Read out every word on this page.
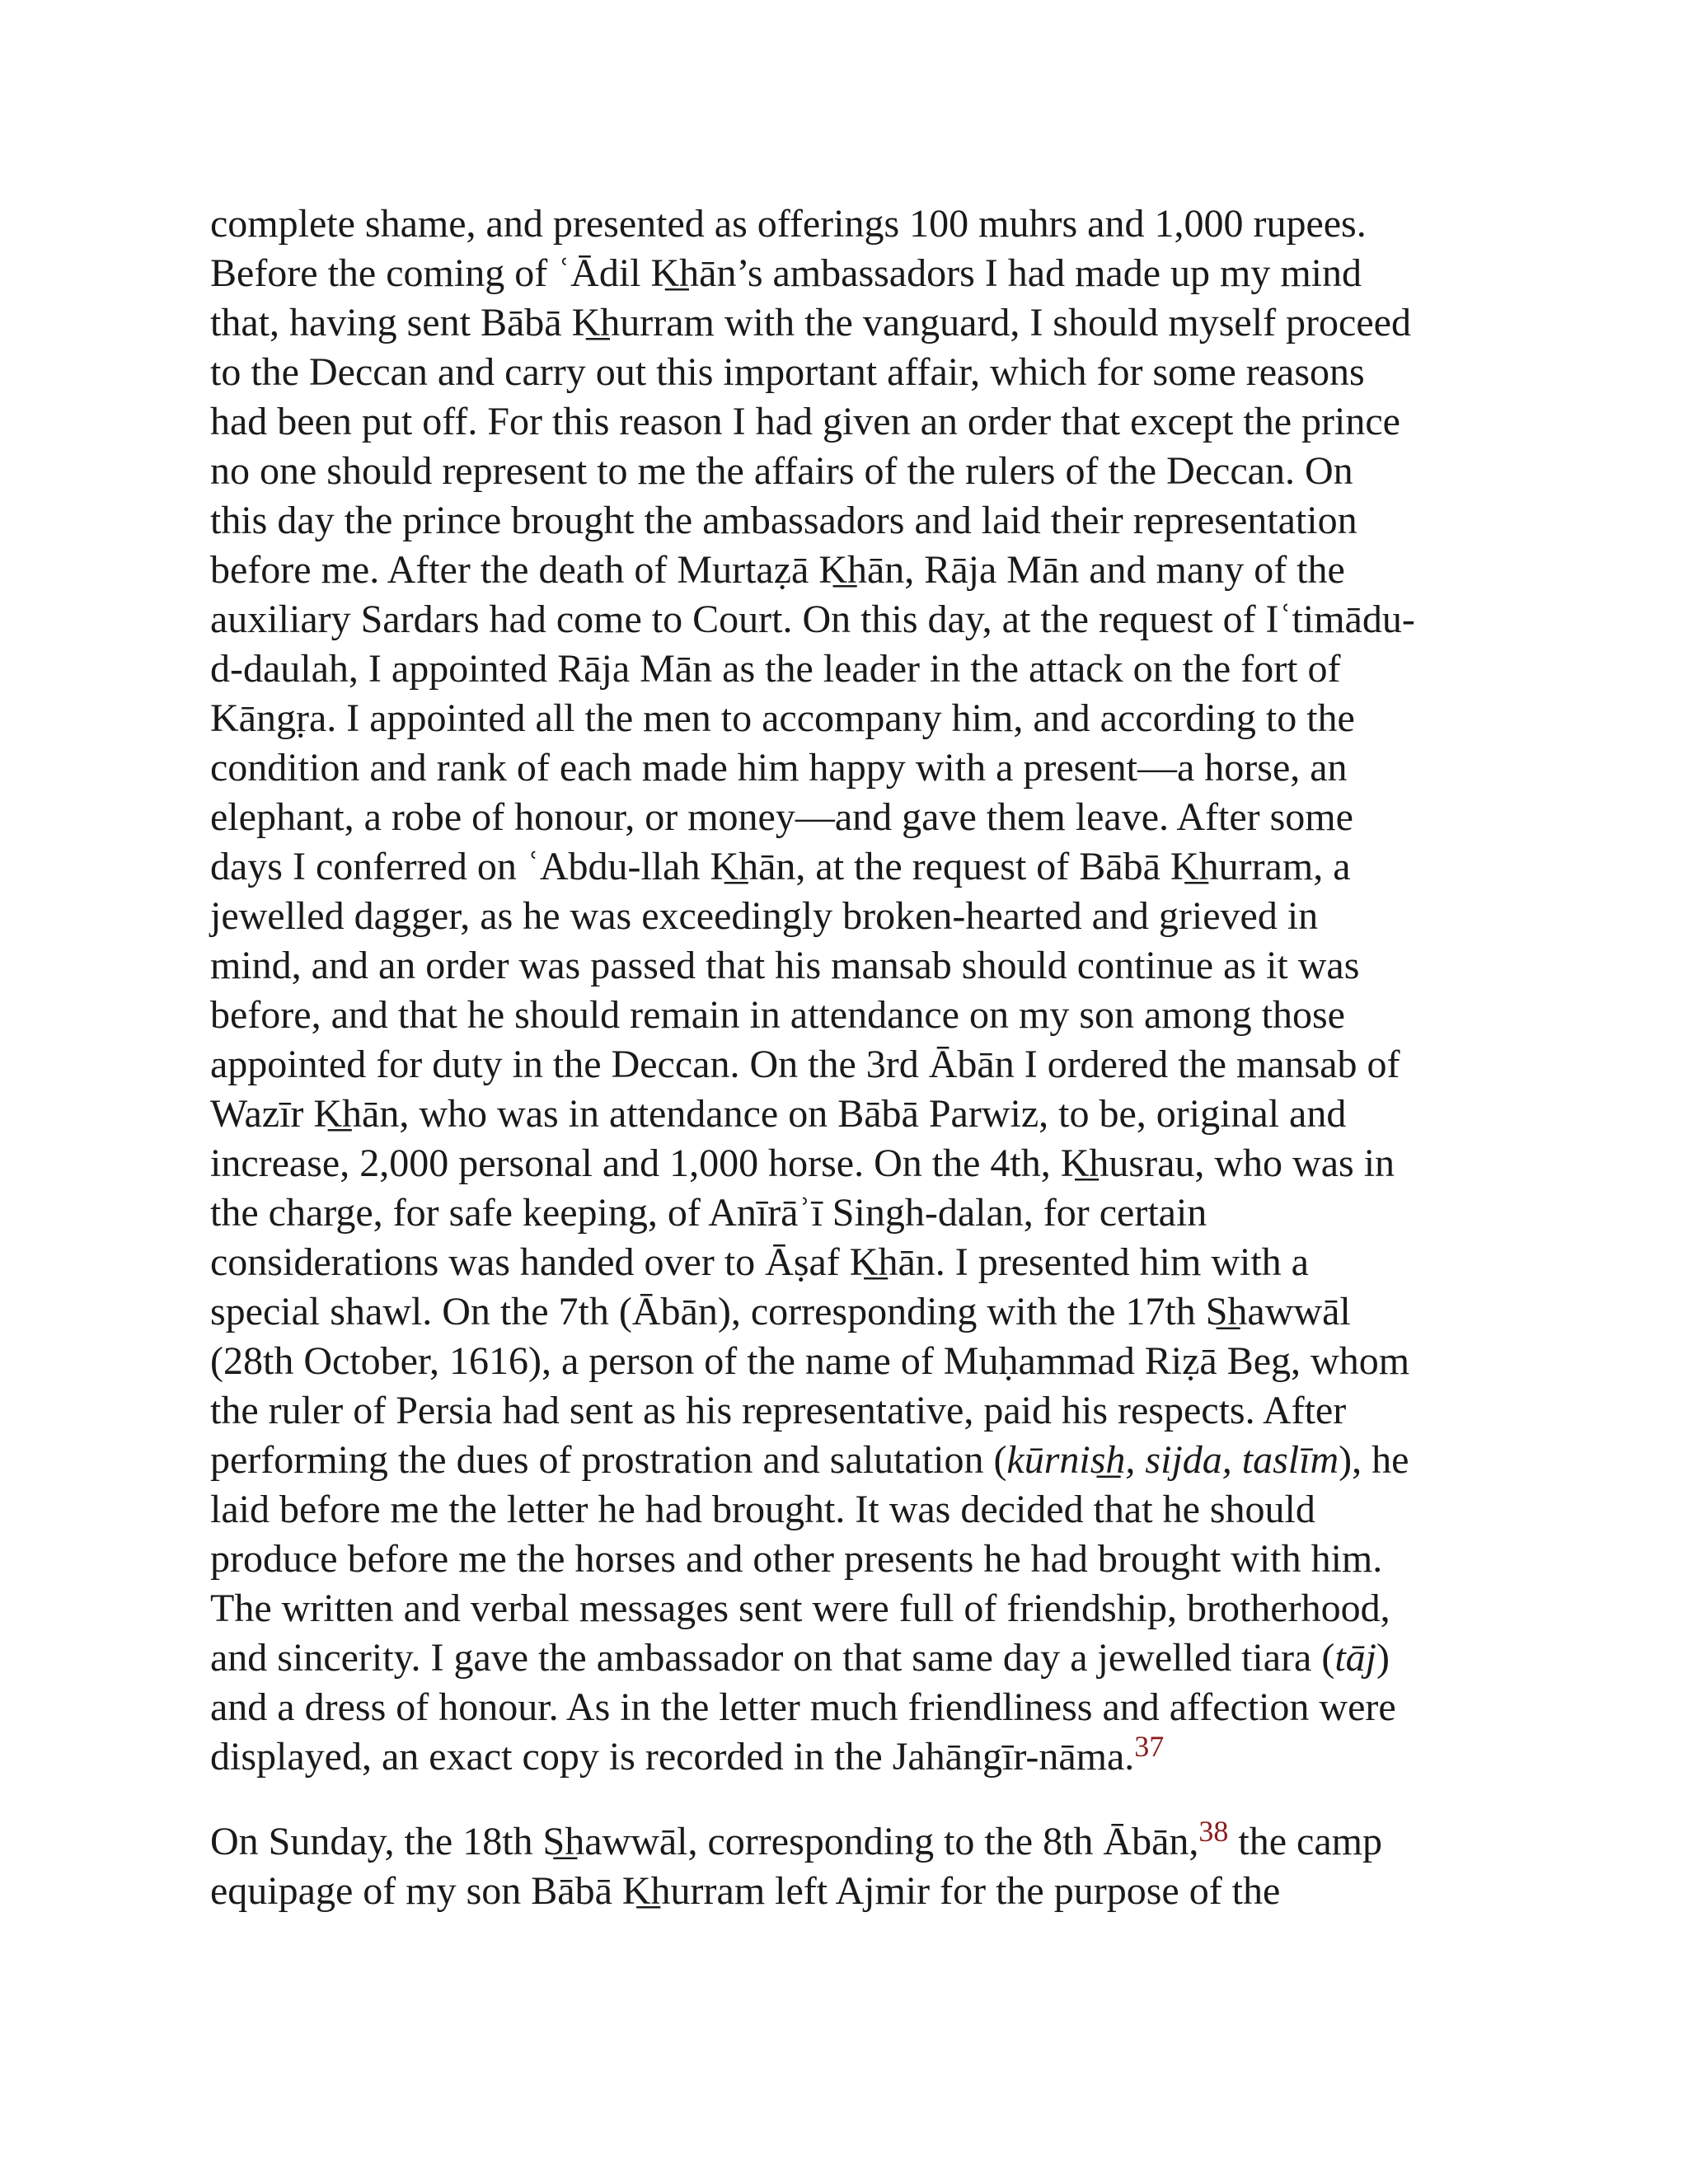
complete shame, and presented as offerings 100 muhrs and 1,000 rupees.
Before the coming of ʿĀdil K͟hān’s ambassadors I had made up my mind
that, having sent Bābā K͟hurram with the vanguard, I should myself proceed
to the Deccan and carry out this important affair, which for some reasons
had been put off. For this reason I had given an order that except the prince
no one should represent to me the affairs of the rulers of the Deccan. On
this day the prince brought the ambassadors and laid their representation
before me. After the death of Murtaẓā K͟hān, Rāja Mān and many of the
auxiliary Sardars had come to Court. On this day, at the request of Iʿtimādu-
d-daulah, I appointed Rāja Mān as the leader in the attack on the fort of
Kāngṛa. I appointed all the men to accompany him, and according to the
condition and rank of each made him happy with a present—a horse, an
elephant, a robe of honour, or money—and gave them leave. After some
days I conferred on ʿAbdu-llah K͟hān, at the request of Bābā K͟hurram, a
jewelled dagger, as he was exceedingly broken-hearted and grieved in
mind, and an order was passed that his mansab should continue as it was
before, and that he should remain in attendance on my son among those
appointed for duty in the Deccan. On the 3rd Ābān I ordered the mansab of
Wazīr K͟hān, who was in attendance on Bābā Parwiz, to be, original and
increase, 2,000 personal and 1,000 horse. On the 4th, K͟husrau, who was in
the charge, for safe keeping, of Anīrāʾī Singh-dalan, for certain
considerations was handed over to Āṣaf K͟hān. I presented him with a
special shawl. On the 7th (Ābān), corresponding with the 17th S͟hawwāl
(28th October, 1616), a person of the name of Muḥammad Riẓā Beg, whom
the ruler of Persia had sent as his representative, paid his respects. After
performing the dues of prostration and salutation (kūrnis͟h, sijda, taslīm), he
laid before me the letter he had brought. It was decided that he should
produce before me the horses and other presents he had brought with him.
The written and verbal messages sent were full of friendship, brotherhood,
and sincerity. I gave the ambassador on that same day a jewelled tiara (tāj)
and a dress of honour. As in the letter much friendliness and affection were
displayed, an exact copy is recorded in the Jahāngīr-nāma.$^{37}$
On Sunday, the 18th S͟hawwāl, corresponding to the 8th Ābān,$^{38}$ the camp
equipage of my son Bābā K͟hurram left Ajmir for the purpose of the
